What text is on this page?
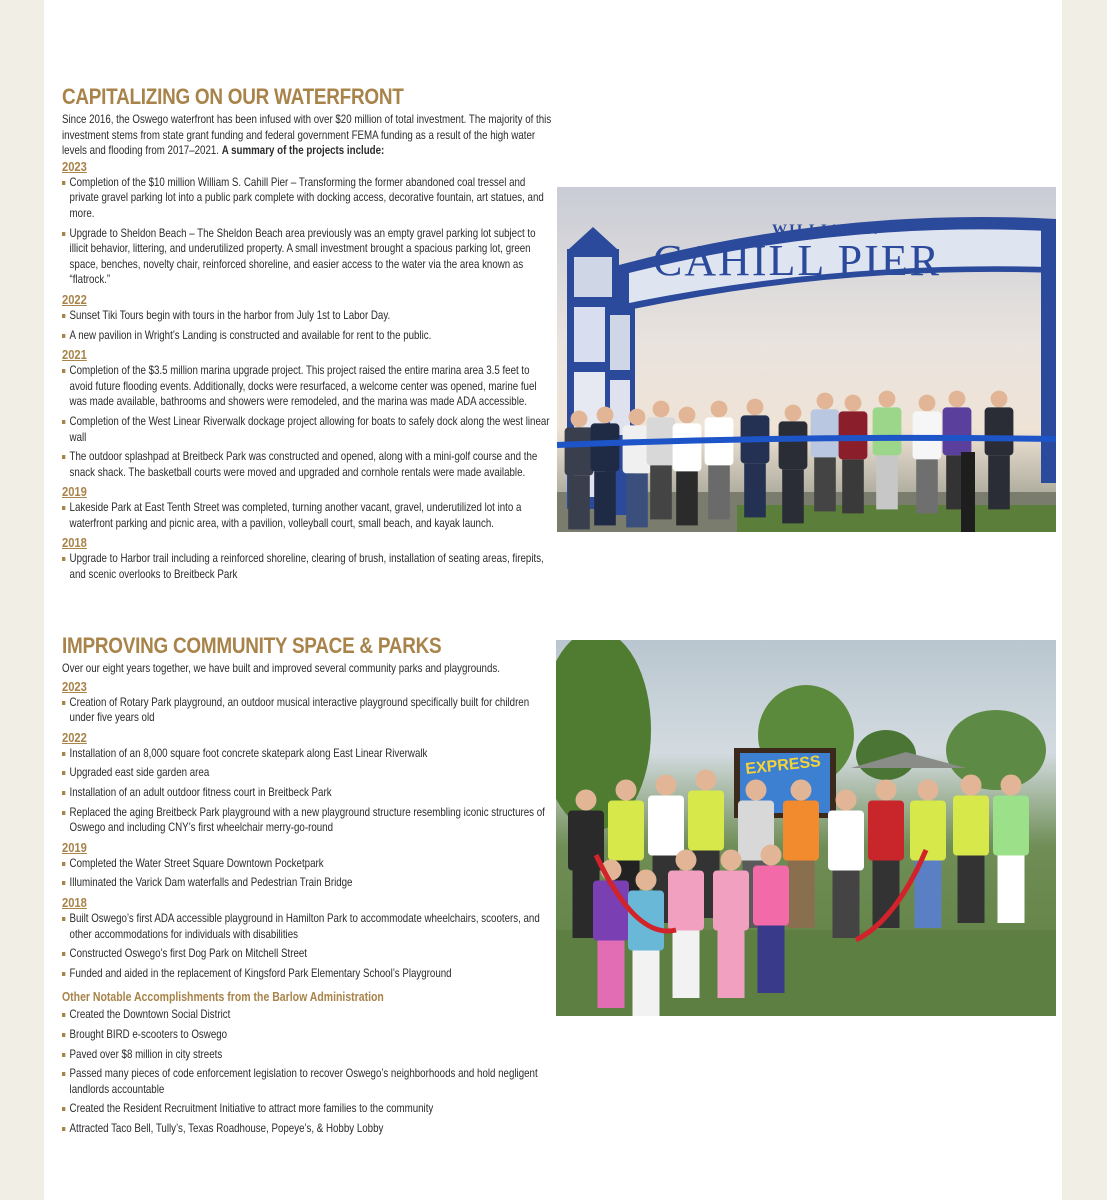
CAPITALIZING ON OUR WATERFRONT
Since 2016, the Oswego waterfront has been infused with over $20 million of total investment. The majority of this investment stems from state grant funding and federal government FEMA funding as a result of the high water levels and flooding from 2017–2021. A summary of the projects include:
2023
Completion of the $10 million William S. Cahill Pier – Transforming the former abandoned coal tressel and private gravel parking lot into a public park complete with docking access, decorative fountain, art statues, and more.
Upgrade to Sheldon Beach – The Sheldon Beach area previously was an empty gravel parking lot subject to illicit behavior, littering, and underutilized property. A small investment brought a spacious parking lot, green space, benches, novelty chair, reinforced shoreline, and easier access to the water via the area known as “flatrock.”
2022
Sunset Tiki Tours begin with tours in the harbor from July 1st to Labor Day.
A new pavilion in Wright’s Landing is constructed and available for rent to the public.
2021
Completion of the $3.5 million marina upgrade project. This project raised the entire marina area 3.5 feet to avoid future flooding events. Additionally, docks were resurfaced, a welcome center was opened, marine fuel was made available, bathrooms and showers were remodeled, and the marina was made ADA accessible.
Completion of the West Linear Riverwalk dockage project allowing for boats to safely dock along the west linear wall
The outdoor splashpad at Breitbeck Park was constructed and opened, along with a mini-golf course and the snack shack. The basketball courts were moved and upgraded and cornhole rentals were made available.
2019
Lakeside Park at East Tenth Street was completed, turning another vacant, gravel, underutilized lot into a waterfront parking and picnic area, with a pavilion, volleyball court, small beach, and kayak launch.
2018
Upgrade to Harbor trail including a reinforced shoreline, clearing of brush, installation of seating areas, firepits, and scenic overlooks to Breitbeck Park
IMPROVING COMMUNITY SPACE & PARKS
Over our eight years together, we have built and improved several community parks and playgrounds.
2023
Creation of Rotary Park playground, an outdoor musical interactive playground specifically built for children under five years old
2022
Installation of an 8,000 square foot concrete skatepark along East Linear Riverwalk
Upgraded east side garden area
Installation of an adult outdoor fitness court in Breitbeck Park
Replaced the aging Breitbeck Park playground with a new playground structure resembling iconic structures of Oswego and including CNY’s first wheelchair merry-go-round
2019
Completed the Water Street Square Downtown Pocketpark
Illuminated the Varick Dam waterfalls and Pedestrian Train Bridge
2018
Built Oswego’s first ADA accessible playground in Hamilton Park to accommodate wheelchairs, scooters, and other accommodations for individuals with disabilities
Constructed Oswego’s first Dog Park on Mitchell Street
Funded and aided in the replacement of Kingsford Park Elementary School’s Playground
Other Notable Accomplishments from the Barlow Administration
Created the Downtown Social District
Brought BIRD e-scooters to Oswego
Paved over $8 million in city streets
Passed many pieces of code enforcement legislation to recover Oswego’s neighborhoods and hold negligent landlords accountable
Created the Resident Recruitment Initiative to attract more families to the community
Attracted Taco Bell, Tully’s, Texas Roadhouse, Popeye’s, & Hobby Lobby
WILLIAM S.
CAHILL PIER
EXPRESS
